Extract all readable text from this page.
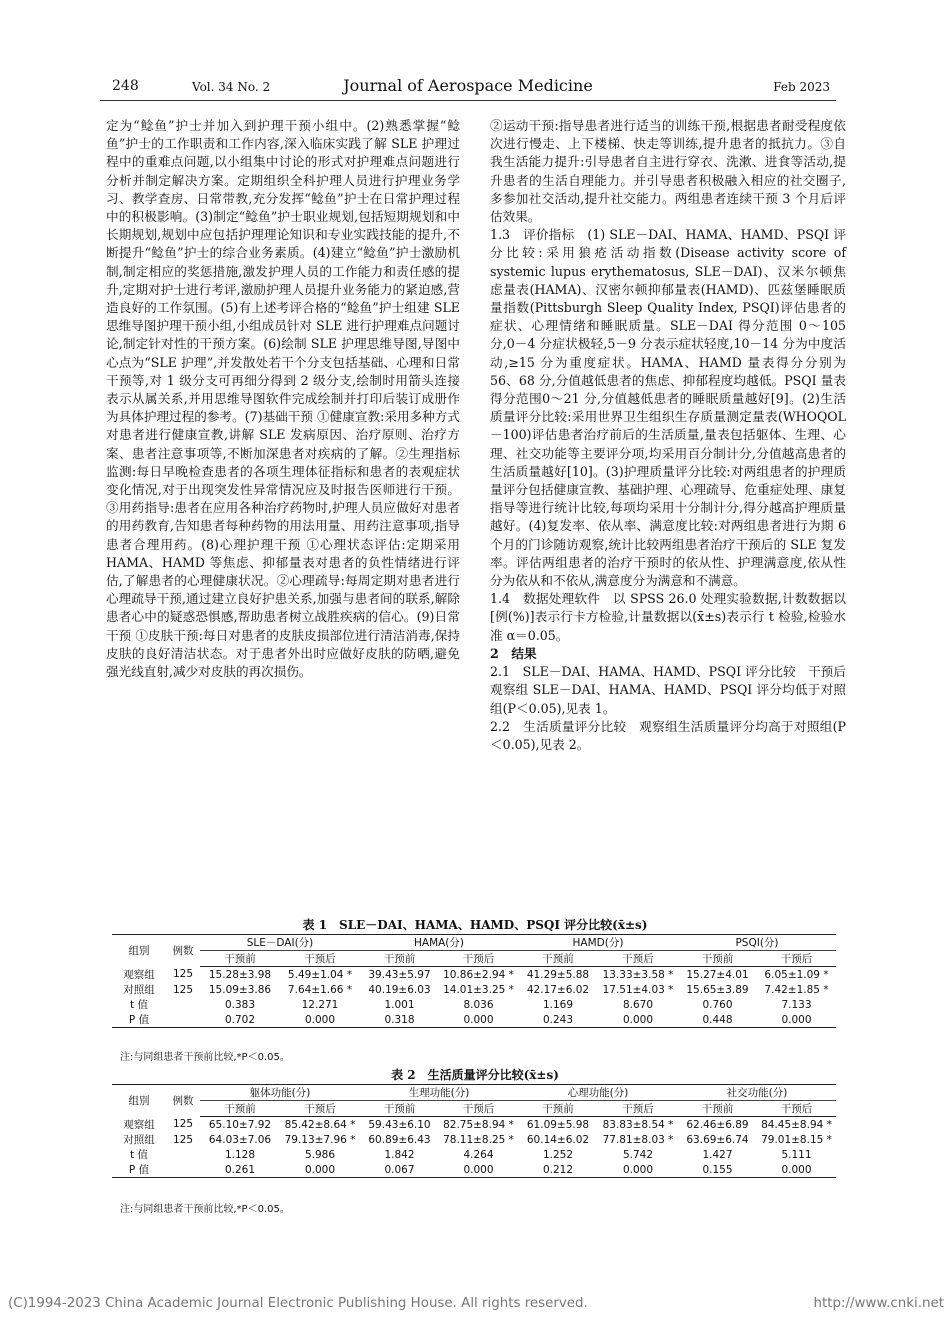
248	Vol. 34 No. 2	Journal of Aerospace Medicine	Feb 2023

定为“鲶鱼”护士并加入到护理干预小组中。(2)熟悉掌握“鲶鱼”护士的工作职责和工作内容,深入临床实践了解 SLE 护理过程中的重难点问题,以小组集中讨论的形式对护理难点问题进行分析并制定解决方案。定期组织全科护理人员进行护理业务学习、教学查房、日常带教,充分发挥“鲶鱼”护士在日常护理过程中的积极影响。(3)制定“鲶鱼”护士职业规划,包括短期规划和中长期规划,规划中应包括护理理论知识和专业实践技能的提升,不断提升“鲶鱼”护士的综合业务素质。(4)建立“鲶鱼”护士激励机制,制定相应的奖惩措施,激发护理人员的工作能力和责任感的提升,定期对护士进行考评,激励护理人员提升业务能力的紧迫感,营造良好的工作氛围。(5)有上述考评合格的“鲶鱼”护士组建 SLE 思维导图护理干预小组,小组成员针对 SLE 进行护理难点问题讨论,制定针对性的干预方案。(6)绘制 SLE 护理思维导图,导图中心点为“SLE 护理”,并发散处若干个分支包括基础、心理和日常干预等,对 1 级分支可再细分得到 2 级分支,绘制时用箭头连接表示从属关系,并用思维导图软件完成绘制并打印后装订成册作为具体护理过程的参考。(7)基础干预 ①健康宣教:采用多种方式对患者进行健康宣教,讲解 SLE 发病原因、治疗原则、治疗方案、患者注意事项等,不断加深患者对疾病的了解。②生理指标监测:每日早晚检查患者的各项生理体征指标和患者的表观症状变化情况,对于出现突发性异常情况应及时报告医师进行干预。③用药指导:患者在应用各种治疗药物时,护理人员应做好对患者的用药教育,告知患者每种药物的用法用量、用药注意事项,指导患者合理用药。(8)心理护理干预 ①心理状态评估:定期采用 HAMA、HAMD 等焦虑、抑郁量表对患者的负性情绪进行评估,了解患者的心理健康状况。②心理疏导:每周定期对患者进行心理疏导干预,通过建立良好护患关系,加强与患者间的联系,解除患者心中的疑惑恐惧感,帮助患者树立战胜疾病的信心。(9)日常干预 ①皮肤干预:每日对患者的皮肤皮损部位进行清洁消毒,保持皮肤的良好清洁状态。对于患者外出时应做好皮肤的防晒,避免强光线直射,减少对皮肤的再次损伤。

②运动干预:指导患者进行适当的训练干预,根据患者耐受程度依次进行慢走、上下楼梯、快走等训练,提升患者的抵抗力。③自我生活能力提升:引导患者自主进行穿衣、洗漱、进食等活动,提升患者的生活自理能力。并引导患者积极融入相应的社交圈子,多参加社交活动,提升社交能力。两组患者连续干预 3 个月后评估效果。

1.3　评价指标　(1) SLE－DAI、HAMA、HAMD、PSQI 评分比较:采用狼疮活动指数(Disease activity score of systemic lupus erythematosus, SLE－DAI)、汉米尔顿焦虑量表(HAMA)、汉密尔顿抑郁量表(HAMD)、匹兹堡睡眠质量指数(Pittsburgh Sleep Quality Index, PSQI)评估患者的症状、心理情绪和睡眠质量。SLE－DAI 得分范围 0～105 分,0－4 分症状极轻,5－9 分表示症状轻度,10－14 分为中度活动,≥15 分为重度症状。HAMA、HAMD 量表得分分别为 56、68 分,分值越低患者的焦虑、抑郁程度均越低。PSQI 量表得分范围0～21 分,分值越低患者的睡眠质量越好[9]。(2)生活质量评分比较:采用世界卫生组织生存质量测定量表(WHOQOL－100)评估患者治疗前后的生活质量,量表包括躯体、生理、心理、社交功能等主要评分项,均采用百分制计分,分值越高患者的生活质量越好[10]。(3)护理质量评分比较:对两组患者的护理质量评分包括健康宣教、基础护理、心理疏导、危重症处理、康复指导等进行统计比较,每项均采用十分制计分,得分越高护理质量越好。(4)复发率、依从率、满意度比较:对两组患者进行为期 6 个月的门诊随访观察,统计比较两组患者治疗干预后的 SLE 复发率。评估两组患者的治疗干预时的依从性、护理满意度,依从性分为依从和不依从,满意度分为满意和不满意。

1.4　数据处理软件　以 SPSS 26.0 处理实验数据,计数数据以[例(%)]表示行卡方检验,计量数据以(x̄±s)表示行 t 检验,检验水准 α＝0.05。

2　结果

2.1　SLE－DAI、HAMA、HAMD、PSQI 评分比较　干预后观察组 SLE－DAI、HAMA、HAMD、PSQI 评分均低于对照组(P＜0.05),见表 1。

2.2　生活质量评分比较　观察组生活质量评分均高于对照组(P＜0.05),见表 2。

表 1　SLE－DAI、HAMA、HAMD、PSQI 评分比较(x̄±s)
组别	例数	SLE－DAI(分)		HAMA(分)		HAMD(分)		PSQI(分)	
		干预前	干预后	干预前	干预后	干预前	干预后	干预前	干预后
观察组	125	15.28±3.98	5.49±1.04 *	39.43±5.97	10.86±2.94 *	41.29±5.88	13.33±3.58 *	15.27±4.01	6.05±1.09 *
对照组	125	15.09±3.86	7.64±1.66 *	40.19±6.03	14.01±3.25 *	42.17±6.02	17.51±4.03 *	15.65±3.89	7.42±1.85 *
t 值		0.383	12.271	1.001	8.036	1.169	8.670	0.760	7.133
P 值		0.702	0.000	0.318	0.000	0.243	0.000	0.448	0.000
注:与同组患者干预前比较,*P＜0.05。
表 2　生活质量评分比较(x̄±s)
组别	例数	躯体功能(分)		生理功能(分)		心理功能(分)		社交功能(分)	
		干预前	干预后	干预前	干预后	干预前	干预后	干预前	干预后
观察组	125	65.10±7.92	85.42±8.64 *	59.43±6.10	82.75±8.94 *	61.09±5.98	83.83±8.54 *	62.46±6.89	84.45±8.94 *
对照组	125	64.03±7.06	79.13±7.96 *	60.89±6.43	78.11±8.25 *	60.14±6.02	77.81±8.03 *	63.69±6.74	79.01±8.15 *
t 值		1.128	5.986	1.842	4.264	1.252	5.742	1.427	5.111
P 值		0.261	0.000	0.067	0.000	0.212	0.000	0.155	0.000
注:与同组患者干预前比较,*P＜0.05。
(C)1994-2023 China Academic Journal Electronic Publishing House. All rights reserved.	http://www.cnki.net
